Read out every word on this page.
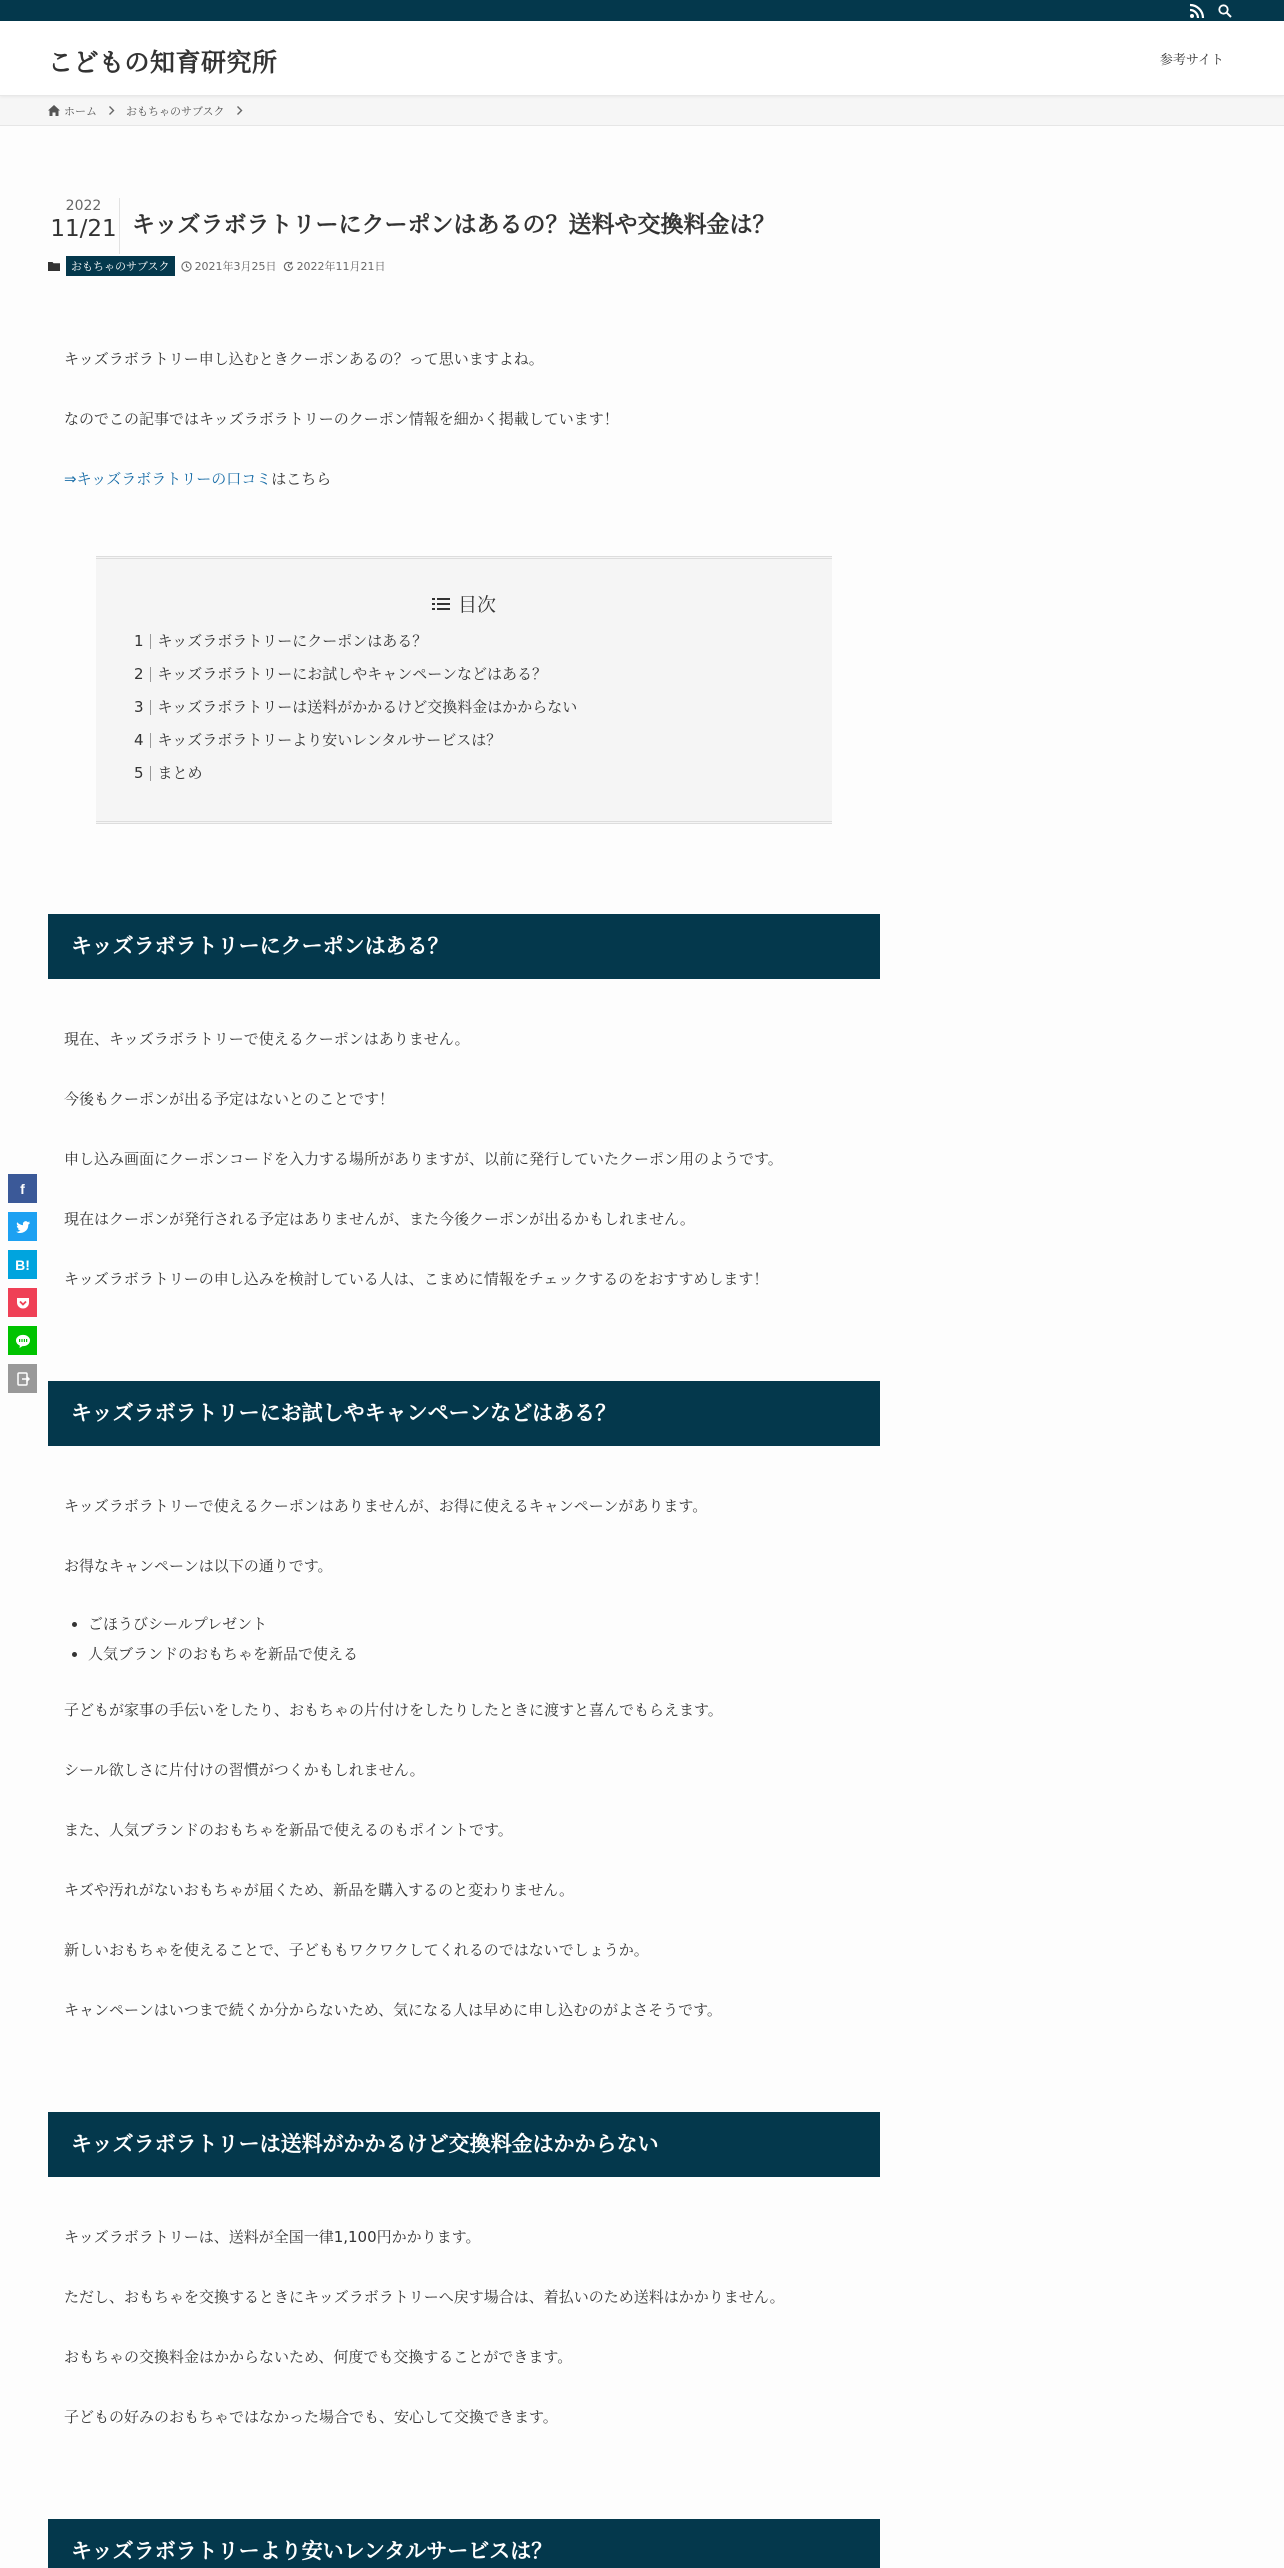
こどもの知育研究所	参考サイト
ホーム	おもちゃのサブスク
2022
11/21 キッズラボラトリーにクーポンはあるの？送料や交換料金は？
おもちゃのサブスク	2021年3月25日 2022年11月21日

キッズラボラトリー申し込むときクーポンあるの？って思いますよね。

なのでこの記事ではキッズラボラトリーのクーポン情報を細かく掲載しています！

⇒キッズラボラトリーの口コミはこちら

目次
1 キッズラボラトリーにクーポンはある？
2 キッズラボラトリーにお試しやキャンペーンなどはある？
3 キッズラボラトリーは送料がかかるけど交換料金はかからない
4 キッズラボラトリーより安いレンタルサービスは？
5 まとめ
キッズラボラトリーにクーポンはある？

現在、キッズラボラトリーで使えるクーポンはありません。

今後もクーポンが出る予定はないとのことです！

申し込み画面にクーポンコードを入力する場所がありますが、以前に発行していたクーポン用のようです。

現在はクーポンが発行される予定はありませんが、また今後クーポンが出るかもしれません。

キッズラボラトリーの申し込みを検討している人は、こまめに情報をチェックするのをおすすめします！

キッズラボラトリーにお試しやキャンペーンなどはある？

キッズラボラトリーで使えるクーポンはありませんが、お得に使えるキャンペーンがあります。

お得なキャンペーンは以下の通りです。

• ごほうびシールプレゼント
• 人気ブランドのおもちゃを新品で使える

子どもが家事の手伝いをしたり、おもちゃの片付けをしたりしたときに渡すと喜んでもらえます。

シール欲しさに片付けの習慣がつくかもしれません。

また、人気ブランドのおもちゃを新品で使えるのもポイントです。

キズや汚れがないおもちゃが届くため、新品を購入するのと変わりません。

新しいおもちゃを使えることで、子どももワクワクしてくれるのではないでしょうか。

キャンペーンはいつまで続くか分からないため、気になる人は早めに申し込むのがよさそうです。

キッズラボラトリーは送料がかかるけど交換料金はかからない

キッズラボラトリーは、送料が全国一律1,100円かかります。

ただし、おもちゃを交換するときにキッズラボラトリーへ戻す場合は、着払いのため送料はかかりません。

おもちゃの交換料金はかからないため、何度でも交換することができます。

子どもの好みのおもちゃではなかった場合でも、安心して交換できます。

キッズラボラトリーより安いレンタルサービスは？
f
B!
